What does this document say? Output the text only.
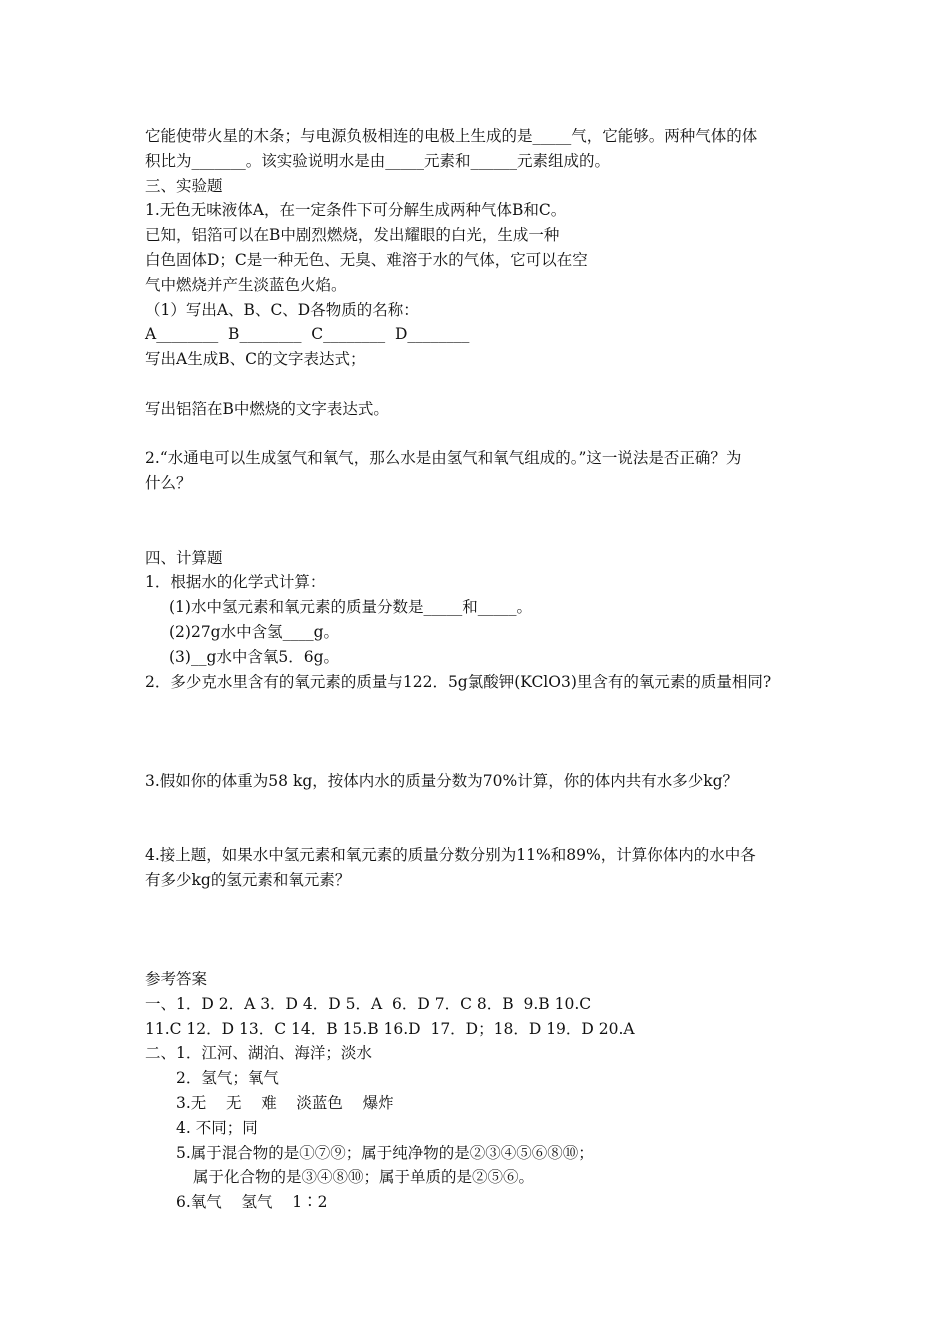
它能使带火星的木条；与电源负极相连的电极上生成的是_____气，它能够。两种气体的体
积比为_______。该实验说明水是由_____元素和______元素组成的。
三、实验题
1.无色无味液体A，在一定条件下可分解生成两种气体B和C。
已知，铝箔可以在B中剧烈燃烧，发出耀眼的白光，生成一种
白色固体D；C是一种无色、无臭、难溶于水的气体，它可以在空
气中燃烧并产生淡蓝色火焰。
（1）写出A、B、C、D各物质的名称：
A________  B________  C________  D________
写出A生成B、C的文字表达式；
写出铝箔在B中燃烧的文字表达式。
2.“水通电可以生成氢气和氧气，那么水是由氢气和氧气组成的。”这一说法是否正确？为
什么？
四、计算题
1．根据水的化学式计算：
(1)水中氢元素和氧元素的质量分数是_____和_____。
(2)27g水中含氢____g。
(3)__g水中含氧5．6g。
2．多少克水里含有的氧元素的质量与122．5g氯酸钾(KClO3)里含有的氧元素的质量相同?
3.假如你的体重为58 kg，按体内水的质量分数为70%计算，你的体内共有水多少kg？
4.接上题，如果水中氢元素和氧元素的质量分数分别为11%和89%，计算你体内的水中各
有多少kg的氢元素和氧元素？
参考答案
一、1．D 2．A 3．D 4．D 5．A  6．D 7．C 8．B  9.B 10.C
11.C 12．D 13．C 14．B 15.B 16.D  17．D；18．D 19．D 20.A
二、1．江河、湖泊、海洋；淡水
2．氢气；氧气
3.无    无    难    淡蓝色    爆炸
4. 不同；同
5.属于混合物的是①⑦⑨；属于纯净物的是②③④⑤⑥⑧⑩；
属于化合物的是③④⑧⑩；属于单质的是②⑤⑥。
6.氧气    氢气    1∶2
